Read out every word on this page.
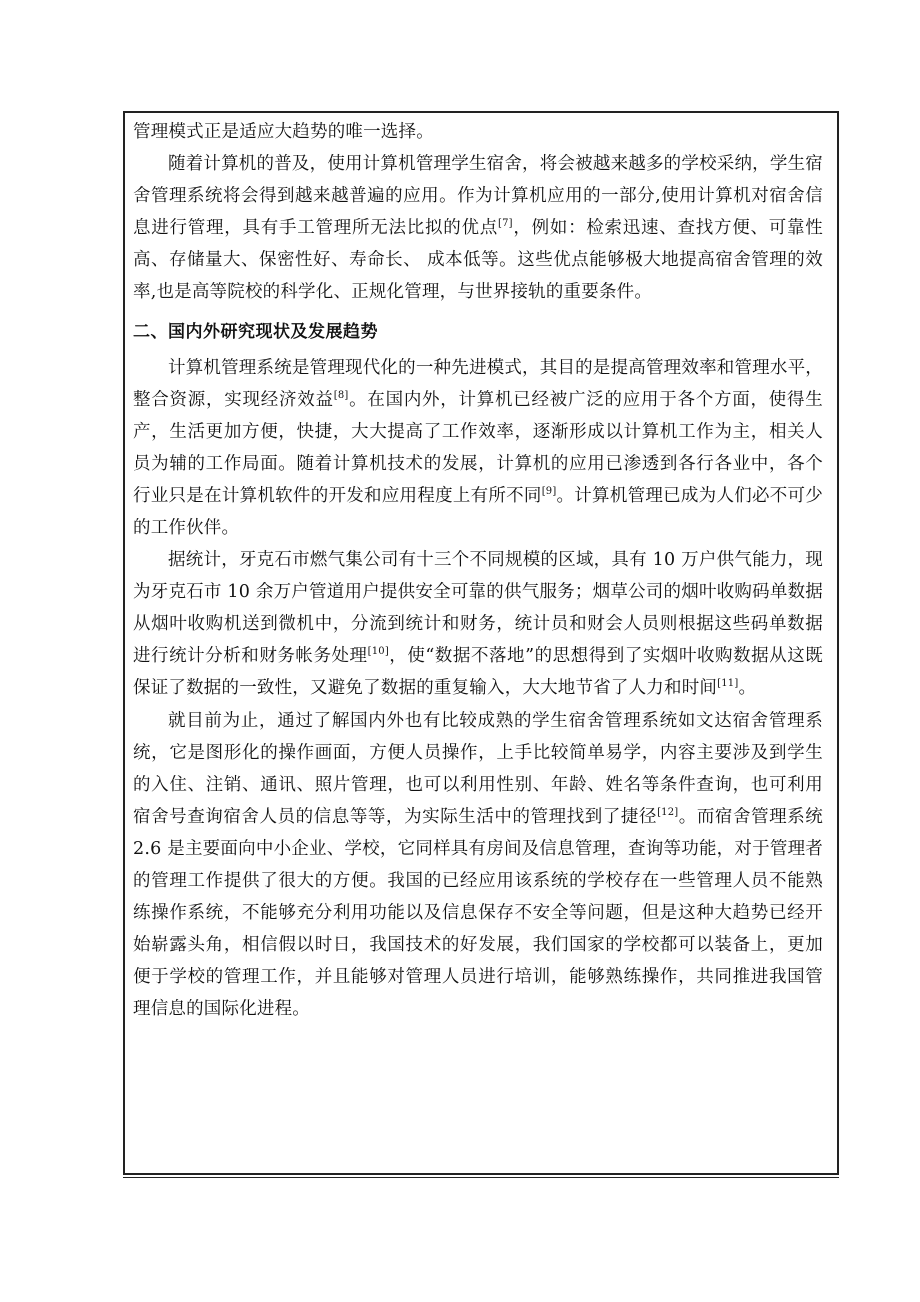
管理模式正是适应大趋势的唯一选择。

随着计算机的普及，使用计算机管理学生宿舍，将会被越来越多的学校采纳，学生宿舍管理系统将会得到越来越普遍的应用。作为计算机应用的一部分,使用计算机对宿舍信息进行管理，具有手工管理所无法比拟的优点[7]，例如：检索迅速、查找方便、可靠性高、存储量大、保密性好、寿命长、 成本低等。这些优点能够极大地提高宿舍管理的效率,也是高等院校的科学化、正规化管理，与世界接轨的重要条件。

二、国内外研究现状及发展趋势

计算机管理系统是管理现代化的一种先进模式，其目的是提高管理效率和管理水平，整合资源，实现经济效益[8]。在国内外，计算机已经被广泛的应用于各个方面，使得生产，生活更加方便，快捷，大大提高了工作效率，逐渐形成以计算机工作为主，相关人员为辅的工作局面。随着计算机技术的发展，计算机的应用已渗透到各行各业中，各个行业只是在计算机软件的开发和应用程度上有所不同[9]。计算机管理已成为人们必不可少的工作伙伴。

据统计，牙克石市燃气集公司有十三个不同规模的区域，具有 10 万户供气能力，现为牙克石市 10 余万户管道用户提供安全可靠的供气服务；烟草公司的烟叶收购码单数据从烟叶收购机送到微机中，分流到统计和财务，统计员和财会人员则根据这些码单数据进行统计分析和财务帐务处理[10]，使“数据不落地”的思想得到了实烟叶收购数据从这既保证了数据的一致性，又避免了数据的重复输入，大大地节省了人力和时间[11]。

就目前为止，通过了解国内外也有比较成熟的学生宿舍管理系统如文达宿舍管理系统，它是图形化的操作画面，方便人员操作，上手比较简单易学，内容主要涉及到学生的入住、注销、通讯、照片管理，也可以利用性别、年龄、姓名等条件查询，也可利用宿舍号查询宿舍人员的信息等等，为实际生活中的管理找到了捷径[12]。而宿舍管理系统 2.6 是主要面向中小企业、学校，它同样具有房间及信息管理，查询等功能，对于管理者的管理工作提供了很大的方便。我国的已经应用该系统的学校存在一些管理人员不能熟练操作系统，不能够充分利用功能以及信息保存不安全等问题，但是这种大趋势已经开始崭露头角，相信假以时日，我国技术的好发展，我们国家的学校都可以装备上，更加便于学校的管理工作，并且能够对管理人员进行培训，能够熟练操作，共同推进我国管理信息的国际化进程。
